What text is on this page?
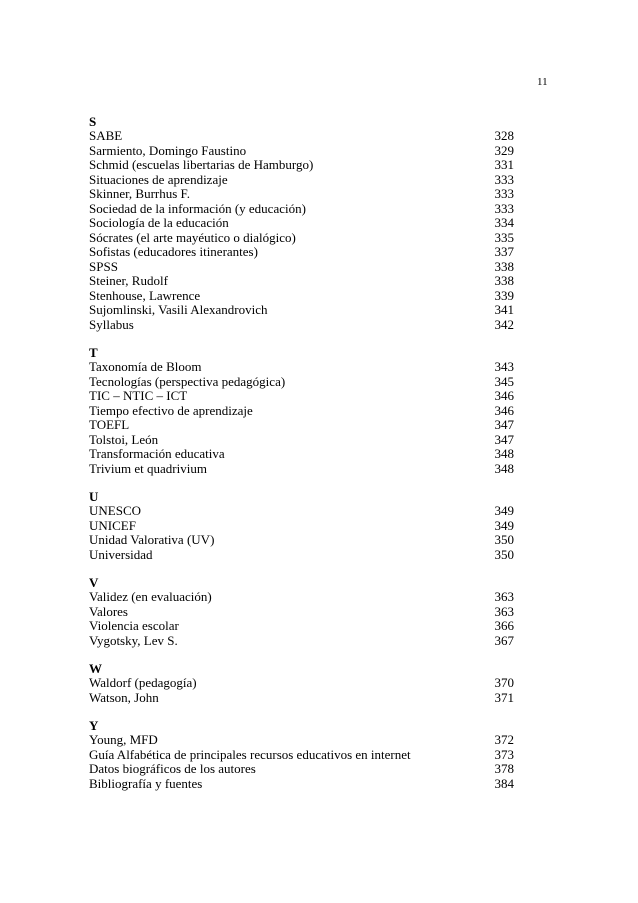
11
S
SABE	328
Sarmiento, Domingo Faustino	329
Schmid (escuelas libertarias de Hamburgo)	331
Situaciones de aprendizaje	333
Skinner, Burrhus F.	333
Sociedad de la información (y educación)	333
Sociología de la educación	334
Sócrates (el arte mayéutico o dialógico)	335
Sofistas (educadores itinerantes)	337
SPSS	338
Steiner, Rudolf	338
Stenhouse, Lawrence	339
Sujomlinski, Vasili Alexandrovich	341
Syllabus	342
T
Taxonomía de Bloom	343
Tecnologías (perspectiva pedagógica)	345
TIC – NTIC – ICT	346
Tiempo efectivo de aprendizaje	346
TOEFL	347
Tolstoi, León	347
Transformación educativa	348
Trivium et quadrivium	348
U
UNESCO	349
UNICEF	349
Unidad Valorativa (UV)	350
Universidad	350
V
Validez (en evaluación)	363
Valores	363
Violencia escolar	366
Vygotsky, Lev S.	367
W
Waldorf (pedagogía)	370
Watson, John	371
Y
Young, MFD	372
Guía Alfabética de principales recursos educativos en internet	373
Datos biográficos de los autores	378
Bibliografía y fuentes	384
